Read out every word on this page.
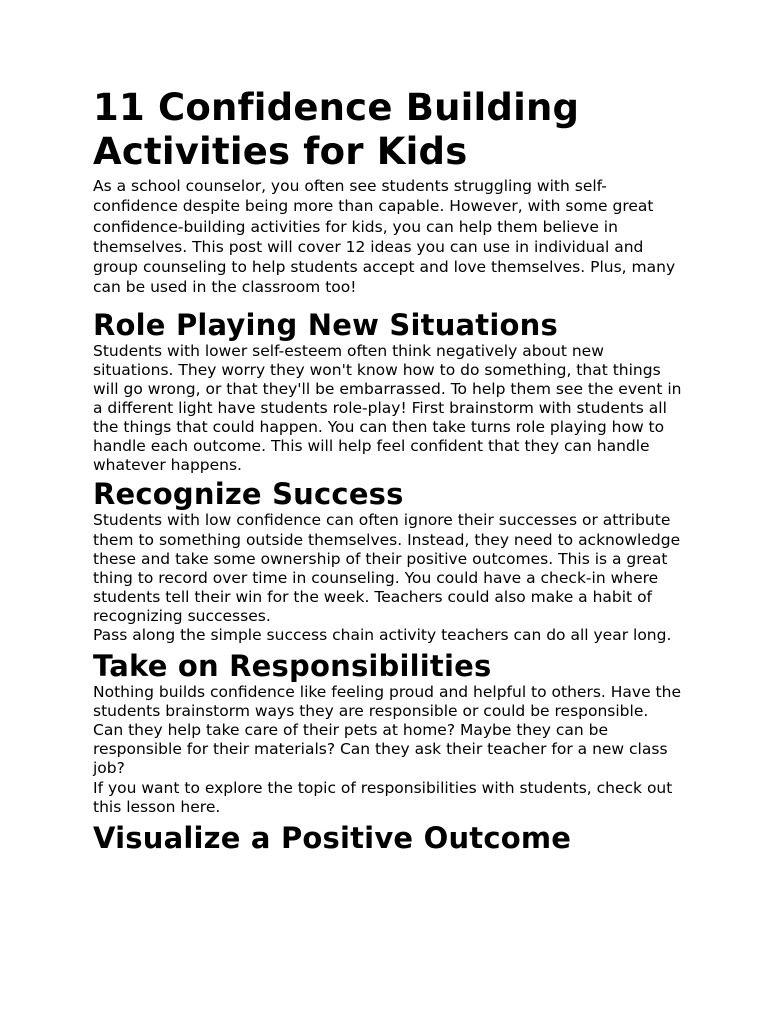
11 Confidence Building Activities for Kids

As a school counselor, you often see students struggling with self-confidence despite being more than capable. However, with some great confidence-building activities for kids, you can help them believe in themselves. This post will cover 12 ideas you can use in individual and group counseling to help students accept and love themselves. Plus, many can be used in the classroom too!

Role Playing New Situations

Students with lower self-esteem often think negatively about new situations. They worry they won't know how to do something, that things will go wrong, or that they'll be embarrassed. To help them see the event in a different light have students role-play! First brainstorm with students all the things that could happen. You can then take turns role playing how to handle each outcome. This will help feel confident that they can handle whatever happens.

Recognize Success

Students with low confidence can often ignore their successes or attribute them to something outside themselves. Instead, they need to acknowledge these and take some ownership of their positive outcomes. This is a great thing to record over time in counseling. You could have a check-in where students tell their win for the week. Teachers could also make a habit of recognizing successes.

Pass along the simple success chain activity teachers can do all year long.

Take on Responsibilities

Nothing builds confidence like feeling proud and helpful to others. Have the students brainstorm ways they are responsible or could be responsible. Can they help take care of their pets at home? Maybe they can be responsible for their materials? Can they ask their teacher for a new class job?

If you want to explore the topic of responsibilities with students, check out this lesson here.

Visualize a Positive Outcome
